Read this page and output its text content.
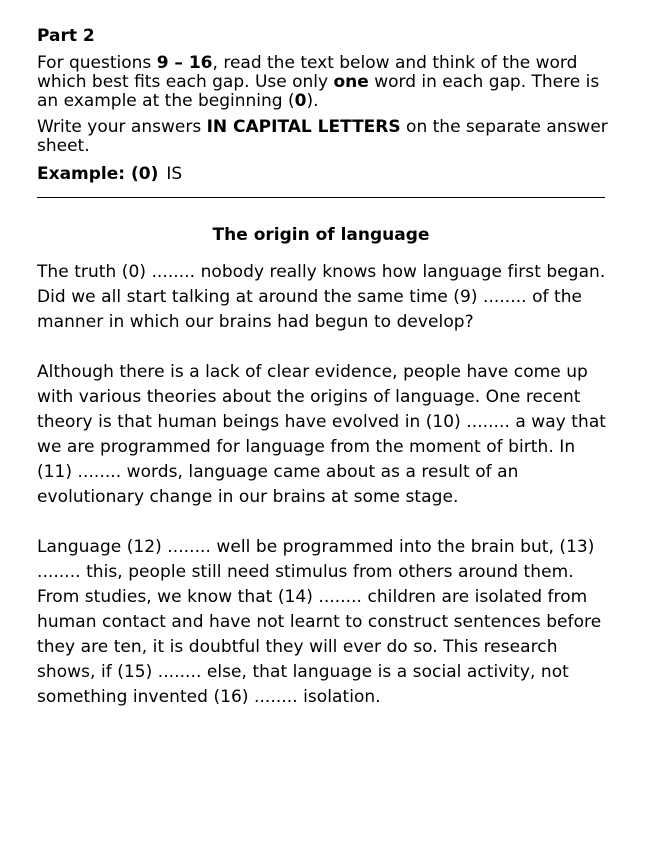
Part 2

For questions 9 – 16, read the text below and think of the word which best fits each gap. Use only one word in each gap. There is an example at the beginning (0).

Write your answers IN CAPITAL LETTERS on the separate answer sheet.

Example: (0) IS

The origin of language

The truth (0) ........ nobody really knows how language first began. Did we all start talking at around the same time (9) ........ of the manner in which our brains had begun to develop?

Although there is a lack of clear evidence, people have come up with various theories about the origins of language. One recent theory is that human beings have evolved in (10) ........ a way that we are programmed for language from the moment of birth. In (11) ........ words, language came about as a result of an evolutionary change in our brains at some stage.

Language (12) ........ well be programmed into the brain but, (13) ........ this, people still need stimulus from others around them. From studies, we know that (14) ........ children are isolated from human contact and have not learnt to construct sentences before they are ten, it is doubtful they will ever do so. This research shows, if (15) ........ else, that language is a social activity, not something invented (16) ........ isolation.
